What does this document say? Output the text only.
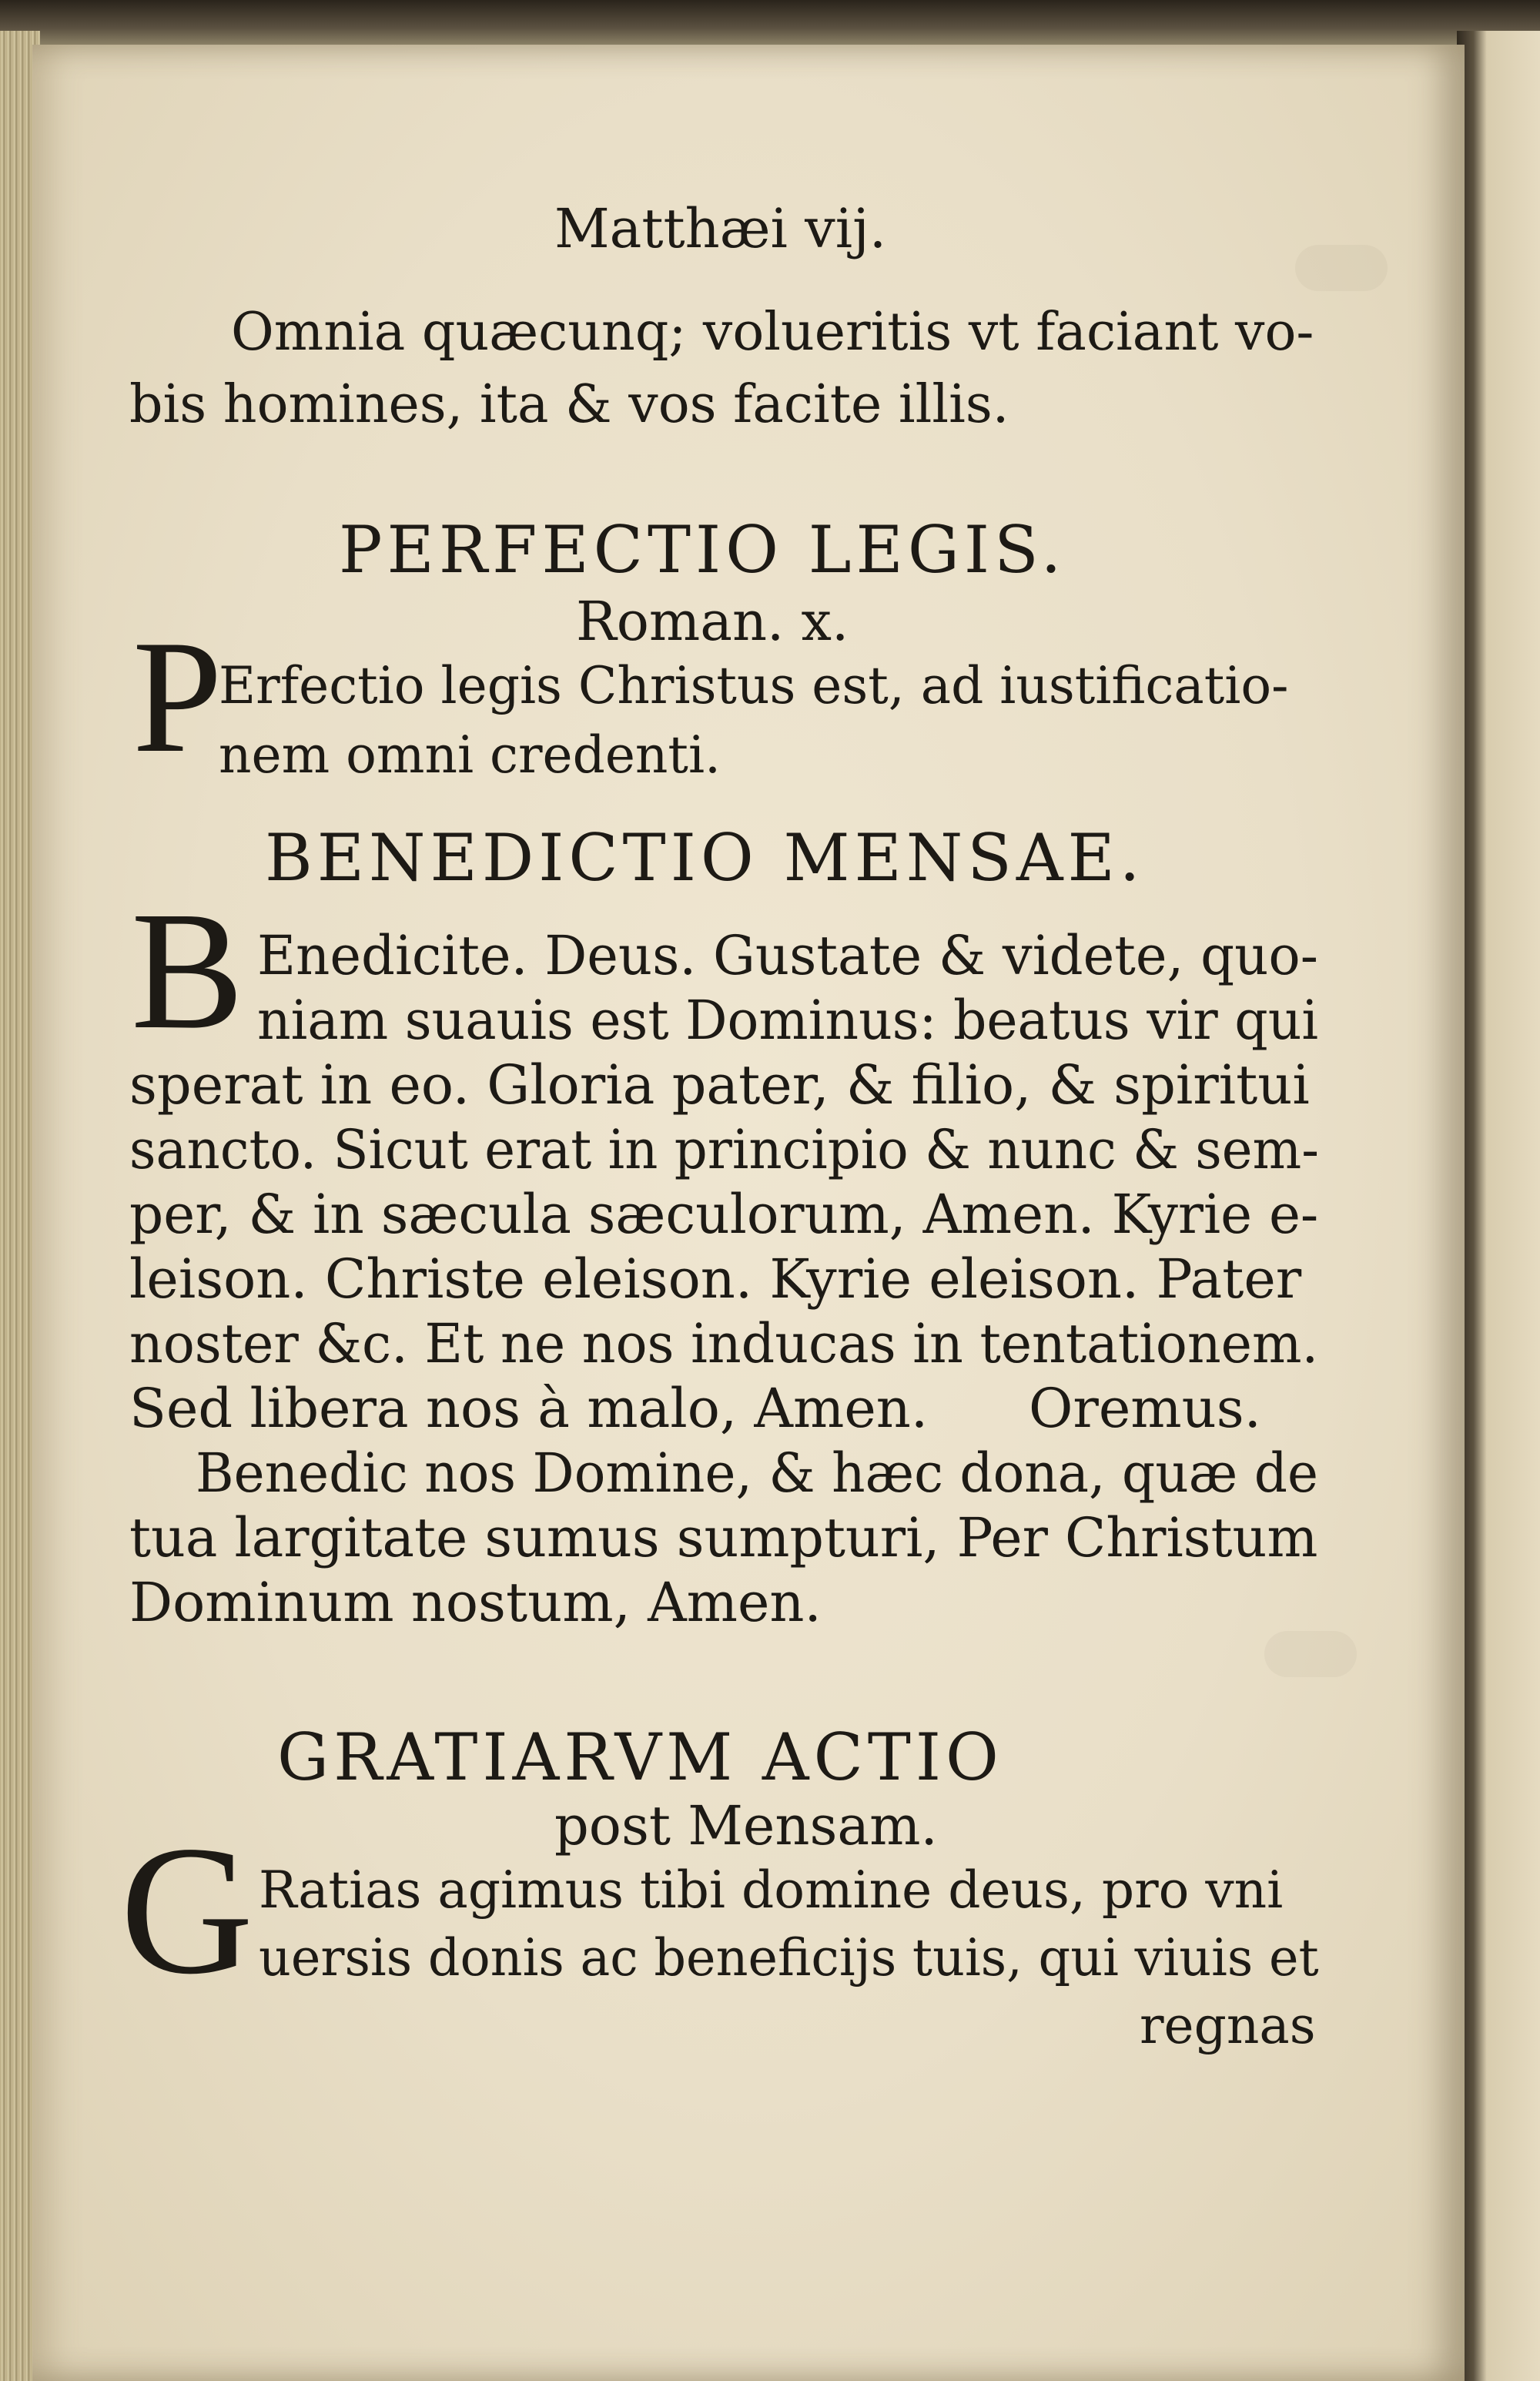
Matthæi vij.
Omnia quæcunq; volueritis vt faciant vo-
bis homines, ita & vos facite illis.
PERFECTIO LEGIS.
Roman. x.
P
Erfectio legis Christus est, ad iustificatio-
nem omni credenti.
BENEDICTIO MENSAE.
B Enedicite. Deus. Gustate & videte, quo-
niam suauis est Dominus: beatus vir qui
sperat in eo. Gloria pater, & filio, & spiritui
sancto. Sicut erat in principio & nunc & sem-
per, & in sæcula sæculorum, Amen. Kyrie e-
leison. Christe eleison. Kyrie eleison. Pater
noster &c. Et ne nos inducas in tentationem.
Sed libera nos à malo, Amen. Oremus.
Benedic nos Domine, & hæc dona, quæ de
tua largitate sumus sumpturi, Per Christum
Dominum nostum, Amen.
GRATIARVM ACTIO
post Mensam.
G Ratias agimus tibi domine deus, pro vni
uersis donis ac beneficijs tuis, qui viuis et
regnas
